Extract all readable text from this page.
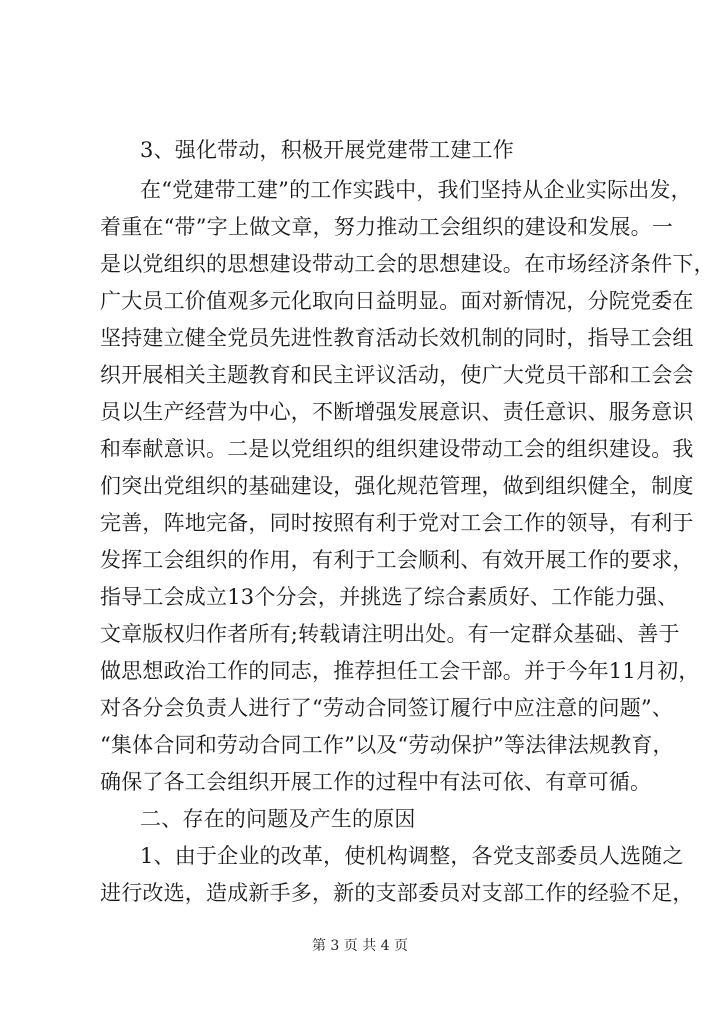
3、强化带动，积极开展党建带工建工作
在“党建带工建”的工作实践中，我们坚持从企业实际出发，
着重在“带”字上做文章，努力推动工会组织的建设和发展。一
是以党组织的思想建设带动工会的思想建设。在市场经济条件下，
广大员工价值观多元化取向日益明显。面对新情况，分院党委在
坚持建立健全党员先进性教育活动长效机制的同时，指导工会组
织开展相关主题教育和民主评议活动，使广大党员干部和工会会
员以生产经营为中心，不断增强发展意识、责任意识、服务意识
和奉献意识。二是以党组织的组织建设带动工会的组织建设。我
们突出党组织的基础建设，强化规范管理，做到组织健全，制度
完善，阵地完备，同时按照有利于党对工会工作的领导，有利于
发挥工会组织的作用，有利于工会顺利、有效开展工作的要求，
指导工会成立13个分会，并挑选了综合素质好、工作能力强、
文章版权归作者所有;转载请注明出处。有一定群众基础、善于
做思想政治工作的同志，推荐担任工会干部。并于今年11月初，
对各分会负责人进行了“劳动合同签订履行中应注意的问题”、
“集体合同和劳动合同工作”以及“劳动保护”等法律法规教育，
确保了各工会组织开展工作的过程中有法可依、有章可循。
二、存在的问题及产生的原因
1、由于企业的改革，使机构调整，各党支部委员人选随之
进行改选，造成新手多，新的支部委员对支部工作的经验不足，
第 3 页 共 4 页
